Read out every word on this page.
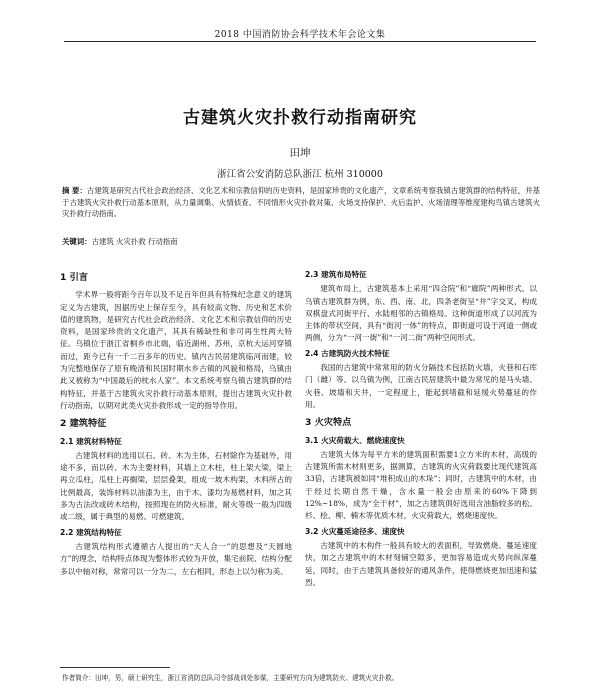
2018 中国消防协会科学技术年会论文集
古建筑火灾扑救行动指南研究
田坤
浙江省公安消防总队浙江 杭州 310000
摘 要：古建筑是研究古代社会政治经济、文化艺术和宗教信仰的历史资料，是国家珍贵的文化遗产，文章系统考察我镇古建筑群的结构特征，并基于古建筑火灾扑救行动基本原则，从力量调集、火情侦查、不同情形火灾扑救对策、火场支持保护、火后监护、火场清理等维度建构鸟镇古建筑火灾扑救行动指南。
关键词：古建筑 火灾扑救 行动指南
1 引言

学术界一般将距今百年以及不足百年但具有特殊纪念意义的建筑定义为古建筑，因据历史上保存至今，具有较高文物、历史和艺术价值的建筑物，是研究古代社会政治经济、文化艺术和宗教信仰的历史资料，是国家珍贵的文化遗产，其具有稀缺性和非可再生性两大特征。乌镇位于浙江省桐乡市北端，临近湖州、苏州，京杭大运河穿镇而过，距今已有一千二百多年的历史。镇内古民居建筑临河而建，较为完整地保存了原有晚清和民国时期水乡古镇的风貌和格局，乌镇由此又被称为“中国最后的枕水人家”。本文系统考察乌镇古建筑群的结构特征，并基于古建筑火灾扑救行动基本原则，提出古建筑火灾扑救行动指南，以期对此类火灾扑救形成一定的指导作用。

2 建筑特征
2.1 建筑材料特征

古建筑材料的选用以石、砖、木为主体，石材除作为基础外，用途不多，而以砖、木为主要材料，其墙上立木柱，柱上架大梁，梁上再立瓜柱，瓜柱上再搁梁，层层叠架，组成一坡木构架，木料所占的比例最高，装饰材料以油漆为主，由于木、漆均为易燃材料，加之其多为古法改或砖木结构，按照现在的防火标准，耐火等级一般为四级或二级，属于典型的易燃、可燃建筑。

2.2 建筑结构特征

古建筑结构形式遵循古人提出的“天人合一”的思想及“天圆地方”的理念，结构特点体现为整体形式较为开放，集宅前院、结构分配多以中轴对称，常常可以一分为二，左右相同，形态上以匀称为美。

2.3 建筑布局特征

建筑布局上，古建筑基本上采用“四合院”和“廊院”两种形式。以乌镇古建筑群为例，东、西、南、北，四条老街呈“井”字交叉，构成双棋盘式河街平行、水陆相邻的古镇格局。这种街道形成了以河流为主体的带状空间，具有“街河一体”的特点，即街道可设于河道一侧或两侧，分为“一河一街”和“一河二街”两种空间形式。

2.4 古建筑防火技术特征

我国的古建筑中常常用的防火分隔技术包括防火墙，火巷和石库门（雌）等。以乌镇为例，江南古民居建筑中最为常见的是马头墙、火巷、坡墙和天井，一定程度上，能起到堵截和延缓火势蔓延的作用。

3 火灾特点
3.1 火灾荷载大、燃烧速度快

古建筑大体为每平方米的建筑面积需要1立方米的木材，高级的古建筑所需木材则更多，据测算，古建筑的火灾荷载要比现代建筑高33倍，古建筑被如同“堆积成山的木垛”；同时，古建筑中的木材，由于经过长期自然干燥，含水量一般会由原来的60%下降到12%~18%，成为“全干材”，加之古建筑俱好选用含油脂较多的松、杉、桧、柳、楠木等优质木材，火灾荷载大，燃烧速度快。

3.2 火灾蔓延途径多、速度快

古建筑中的木构件一般具有较大的表面积，导致燃烧、蔓延速度快，加之古建筑中的木材刻铺空隙多，更加容易造成火势向纵深蔓延，同时，由于古建筑具备较好的通风条件，使得燃烧更加迅速和猛烈。

作者简介：田坤，男，硕士研究生，浙江省消防总队司令部战训处参谋，主要研究方向为建筑防火、建筑火灾扑救。
